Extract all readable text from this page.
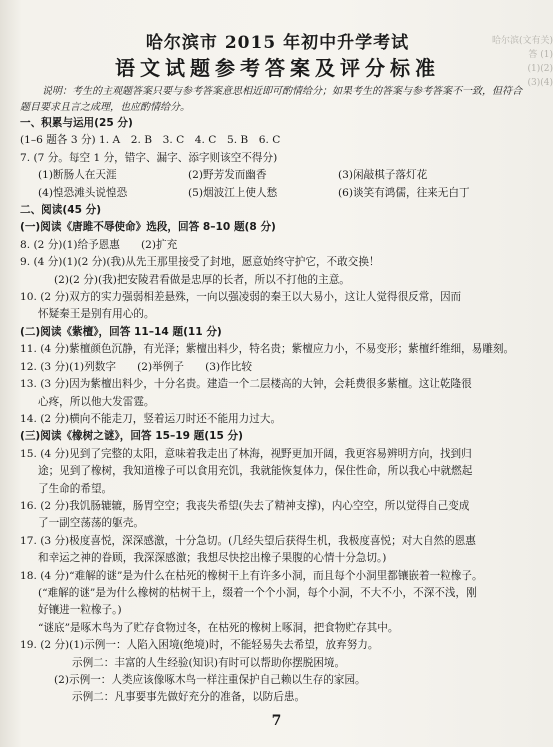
哈尔滨(文有关)
答 (1)
(1)(2)
(3)(4)
哈尔滨市 2015 年初中升学考试
语文试题参考答案及评分标准
说明：考生的主观题答案只要与参考答案意思相近即可酌情给分；如果考生的答案与参考答案不一致，但符合题目要求且言之成理，也应酌情给分。
一、积累与运用(25 分)
(1–6 题各 3 分) 1. A　2. B　3. C　4. C　5. B　6. C
7. (7 分。每空 1 分，错字、漏字、添字则该空不得分)
(1)断肠人在天涯	(2)野芳发而幽香	(3)闲敲棋子落灯花
(4)惶恐滩头说惶恐	(5)烟波江上使人愁	(6)谈笑有鸿儒，往来无白丁
二、阅读(45 分)
(一)阅读《唐雎不辱使命》选段，回答 8–10 题(8 分)
8. (2 分)(1)给予恩惠　　(2)扩充
9. (4 分)(1)(2 分)(我)从先王那里接受了封地，愿意始终守护它，不敢交换！
(2)(2 分)(我)把安陵君看做是忠厚的长者，所以不打他的主意。
10. (2 分)双方的实力强弱相差悬殊，一向以强凌弱的秦王以大易小，这让人觉得很反常，因而
怀疑秦王是别有用心的。
(二)阅读《紫檀》，回答 11–14 题(11 分)
11. (4 分)紫檀颜色沉静，有光泽；紫檀出料少，特名贵；紫檀应力小，不易变形；紫檀纤维细，易雕刻。
12. (3 分)(1)列数字　　(2)举例子　　(3)作比较
13. (3 分)因为紫檀出料少，十分名贵。建造一个二层楼高的大钟，会耗费很多紫檀。这让乾隆很
心疼，所以他大发雷霆。
14. (2 分)横向不能走刀，竖着运刀时还不能用力过大。
(三)阅读《橡树之谜》，回答 15–19 题(15 分)
15. (4 分)见到了完整的太阳，意味着我走出了林海，视野更加开阔，我更容易辨明方向，找到归
途；见到了橡树，我知道橡子可以食用充饥，我就能恢复体力，保住性命，所以我心中就燃起
了生命的希望。
16. (2 分)我饥肠辘辘，肠胃空空；我丧失希望(失去了精神支撑)，内心空空，所以觉得自己变成
了一副空荡荡的躯壳。
17. (3 分)极度喜悦，深深感激，十分急切。(几经失望后获得生机，我极度喜悦；对大自然的恩惠
和幸运之神的眷顾，我深深感激；我想尽快挖出橡子果腹的心情十分急切。)
18. (4 分)“难解的谜”是为什么在枯死的橡树干上有许多小洞，而且每个小洞里都镶嵌着一粒橡子。
(“难解的谜”是为什么橡树的枯树干上，缀着一个个小洞，每个小洞，不大不小，不深不浅，刚
好镶进一粒橡子。)
“谜底”是啄木鸟为了贮存食物过冬，在枯死的橡树上啄洞，把食物贮存其中。
19. (2 分)(1)示例一：人陷入困境(绝境)时，不能轻易失去希望，放弃努力。
示例二：丰富的人生经验(知识)有时可以帮助你摆脱困境。
(2)示例一：人类应该像啄木鸟一样注重保护自己赖以生存的家园。
示例二：凡事要事先做好充分的准备，以防后患。
7
